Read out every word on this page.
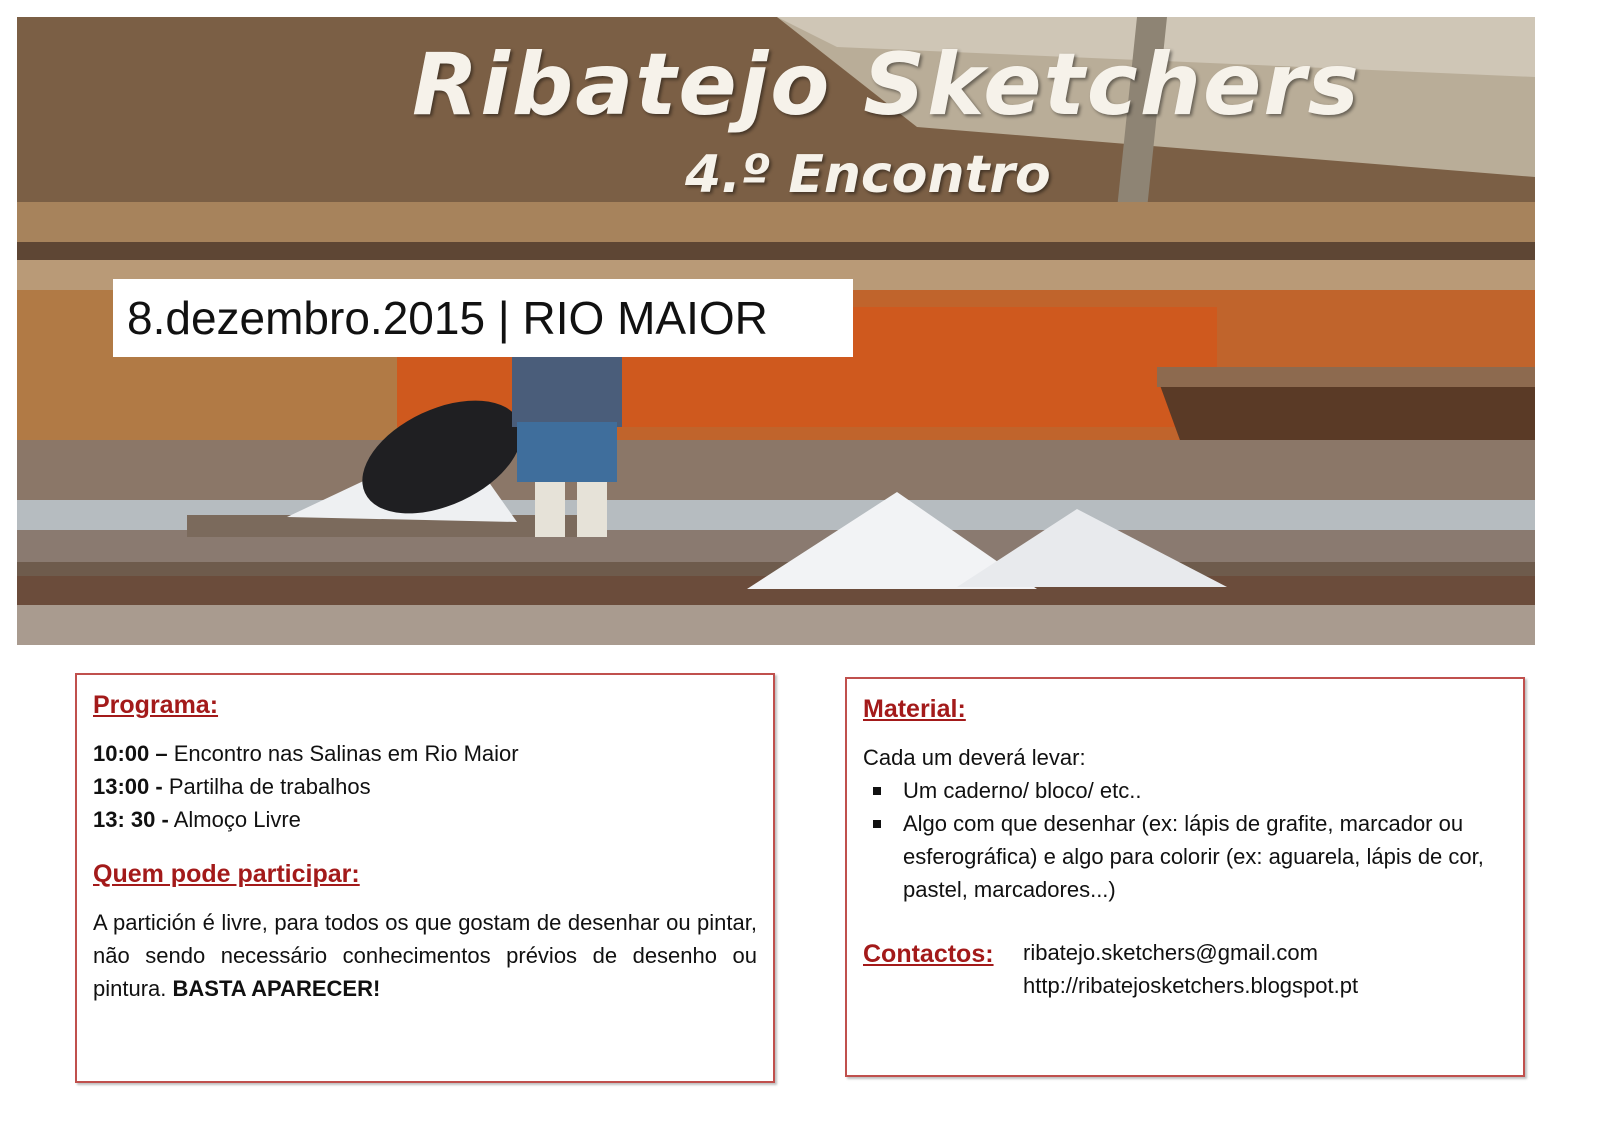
Ribatejo Sketchers
4.º Encontro
8.dezembro.2015 | RIO MAIOR
Programa:
10:00 – Encontro nas Salinas em Rio Maior
13:00 - Partilha de trabalhos
13: 30 - Almoço Livre
Quem pode participar:
A partición é livre, para todos os que gostam de desenhar ou pintar, não sendo necessário conhecimentos prévios de desenho ou pintura. BASTA APARECER!
Material:
Cada um deverá levar:
Um caderno/ bloco/ etc..
Algo com que desenhar (ex: lápis de grafite, marcador ou esferográfica) e algo para colorir (ex: aguarela, lápis de cor, pastel, marcadores...)
Contactos:	ribatejo.sketchers@gmail.com
http://ribatejosketchers.blogspot.pt
